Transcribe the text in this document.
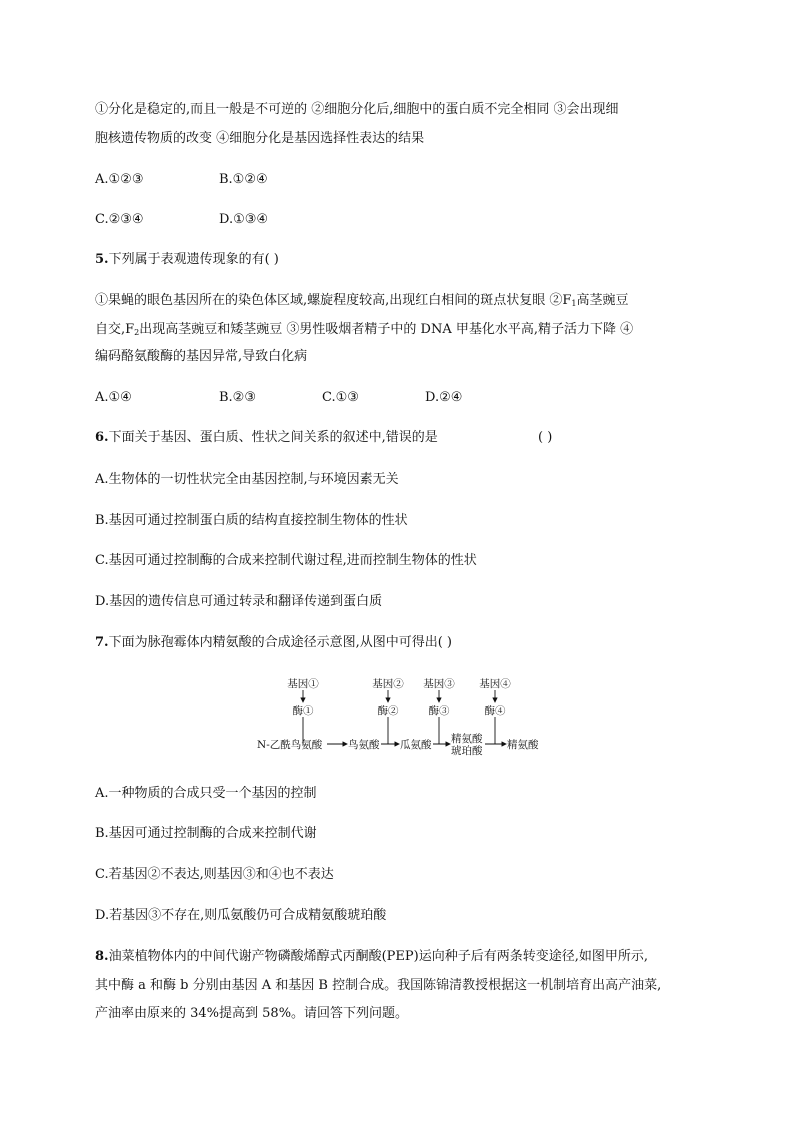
①分化是稳定的,而且一般是不可逆的 ②细胞分化后,细胞中的蛋白质不完全相同 ③会出现细
胞核遗传物质的改变 ④细胞分化是基因选择性表达的结果
A.①②③	B.①②④
C.②③④	D.①③④
5.下列属于表观遗传现象的有( )
①果蝇的眼色基因所在的染色体区域,螺旋程度较高,出现红白相间的斑点状复眼 $②F_1$高茎豌豆
自交$,F_2$出现高茎豌豆和矮茎豌豆 ③男性吸烟者精子中的 DNA 甲基化水平高,精子活力下降 ④
编码酪氨酸酶的基因异常,导致白化病
A.①④	B.②③	C.①③	D.②④
6.下面关于基因、蛋白质、性状之间关系的叙述中,错误的是	( )
A.生物体的一切性状完全由基因控制,与环境因素无关
B.基因可通过控制蛋白质的结构直接控制生物体的性状
C.基因可通过控制酶的合成来控制代谢过程,进而控制生物体的性状
D.基因的遗传信息可通过转录和翻译传递到蛋白质
7.下面为脉孢霉体内精氨酸的合成途径示意图,从图中可得出( )
基因①	基因② 基因③ 基因④
酶①	酶②	酶③	酶④
N-乙酰鸟氨酸 鸟氨酸 瓜氨酸 精氨酸
琥珀酸 精氨酸
A.一种物质的合成只受一个基因的控制
B.基因可通过控制酶的合成来控制代谢
C.若基因②不表达,则基因③和④也不表达
D.若基因③不存在,则瓜氨酸仍可合成精氨酸琥珀酸
8.油菜植物体内的中间代谢产物磷酸烯醇式丙酮酸(PEP)运向种子后有两条转变途径,如图甲所示,
其中酶 a 和酶 b 分别由基因 A 和基因 B 控制合成。我国陈锦清教授根据这一机制培育出高产油菜,
产油率由原来的 34%提高到 58%。请回答下列问题。
